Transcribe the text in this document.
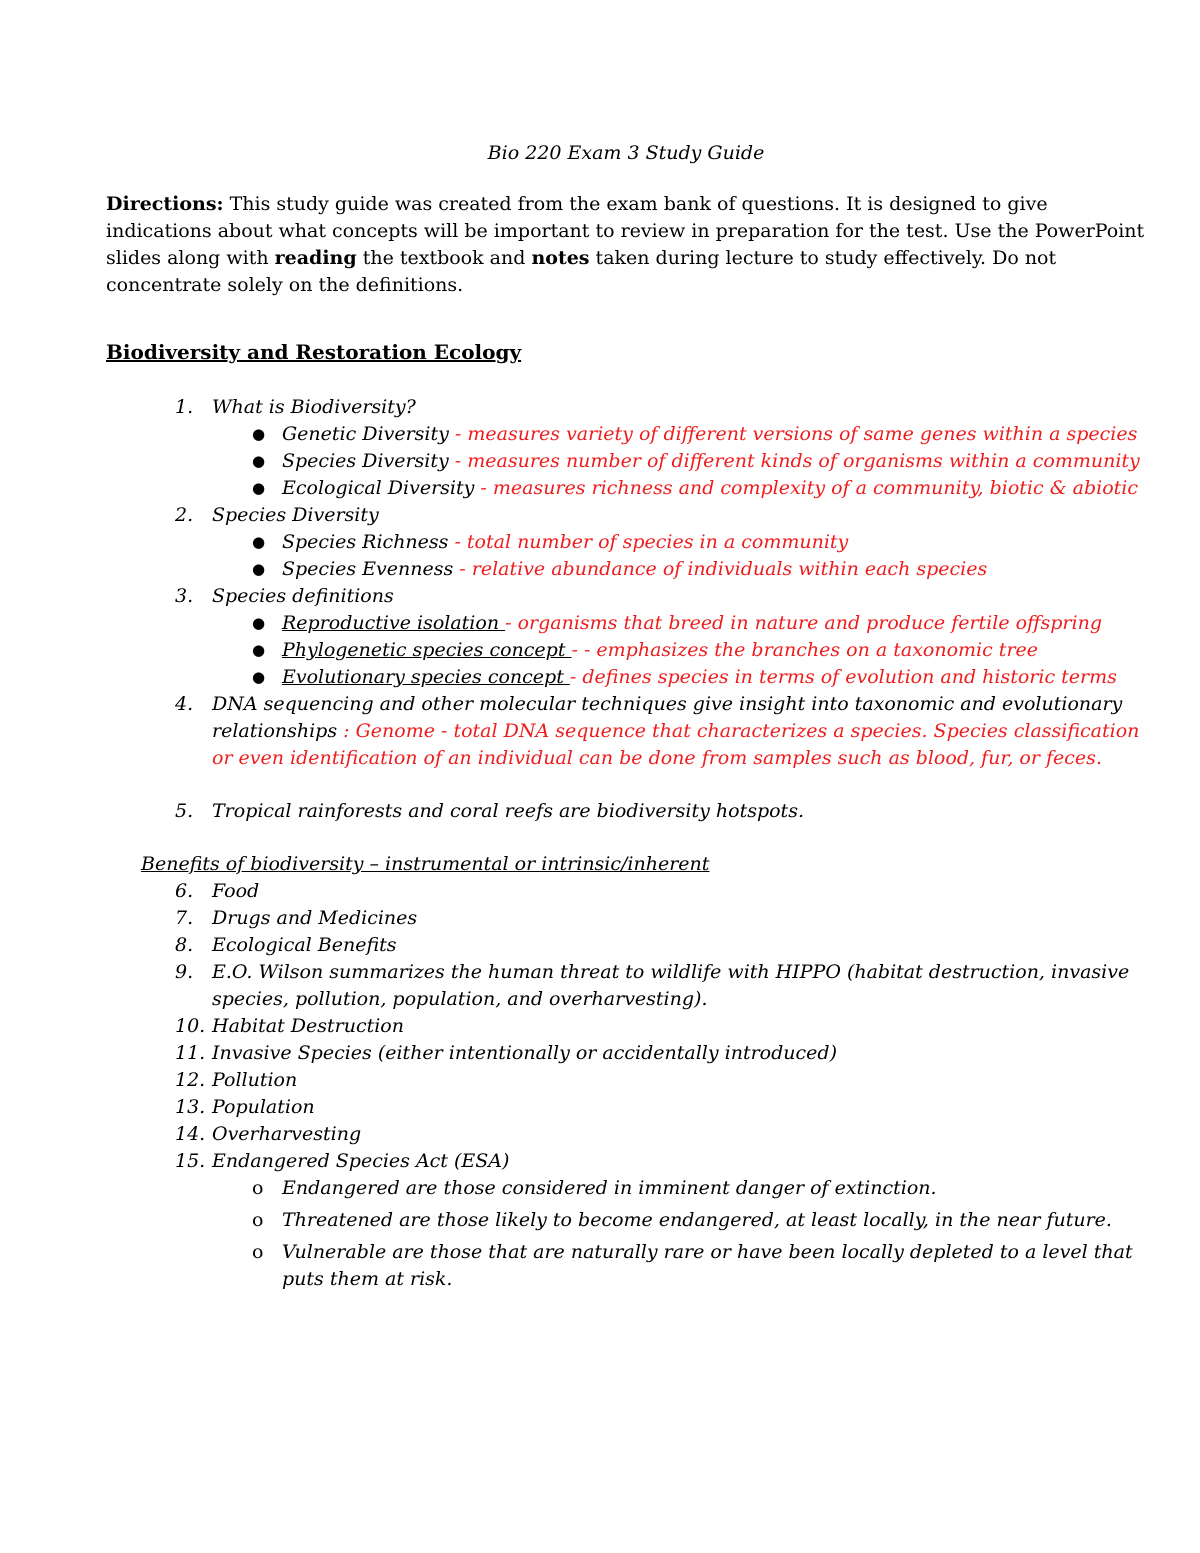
Bio 220 Exam 3 Study Guide
Directions: This study guide was created from the exam bank of questions. It is designed to give indications about what concepts will be important to review in preparation for the test. Use the PowerPoint slides along with reading the textbook and notes taken during lecture to study effectively. Do not concentrate solely on the definitions.
Biodiversity and Restoration Ecology
1. What is Biodiversity?
● Genetic Diversity - measures variety of different versions of same genes within a species
● Species Diversity - measures number of different kinds of organisms within a community
● Ecological Diversity - measures richness and complexity of a community, biotic & abiotic
2. Species Diversity
● Species Richness - total number of species in a community
● Species Evenness - relative abundance of individuals within each species
3. Species definitions
● Reproductive isolation - organisms that breed in nature and produce fertile offspring
● Phylogenetic species concept - - emphasizes the branches on a taxonomic tree
● Evolutionary species concept - defines species in terms of evolution and historic terms
4. DNA sequencing and other molecular techniques give insight into taxonomic and evolutionary relationships : Genome - total DNA sequence that characterizes a species. Species classification or even identification of an individual can be done from samples such as blood, fur, or feces.
5. Tropical rainforests and coral reefs are biodiversity hotspots.
Benefits of biodiversity – instrumental or intrinsic/inherent
6. Food
7. Drugs and Medicines
8. Ecological Benefits
9. E.O. Wilson summarizes the human threat to wildlife with HIPPO (habitat destruction, invasive species, pollution, population, and overharvesting).
10. Habitat Destruction
11. Invasive Species (either intentionally or accidentally introduced)
12. Pollution
13. Population
14. Overharvesting
15. Endangered Species Act (ESA)
o Endangered are those considered in imminent danger of extinction.
o Threatened are those likely to become endangered, at least locally, in the near future.
o Vulnerable are those that are naturally rare or have been locally depleted to a level that puts them at risk.
